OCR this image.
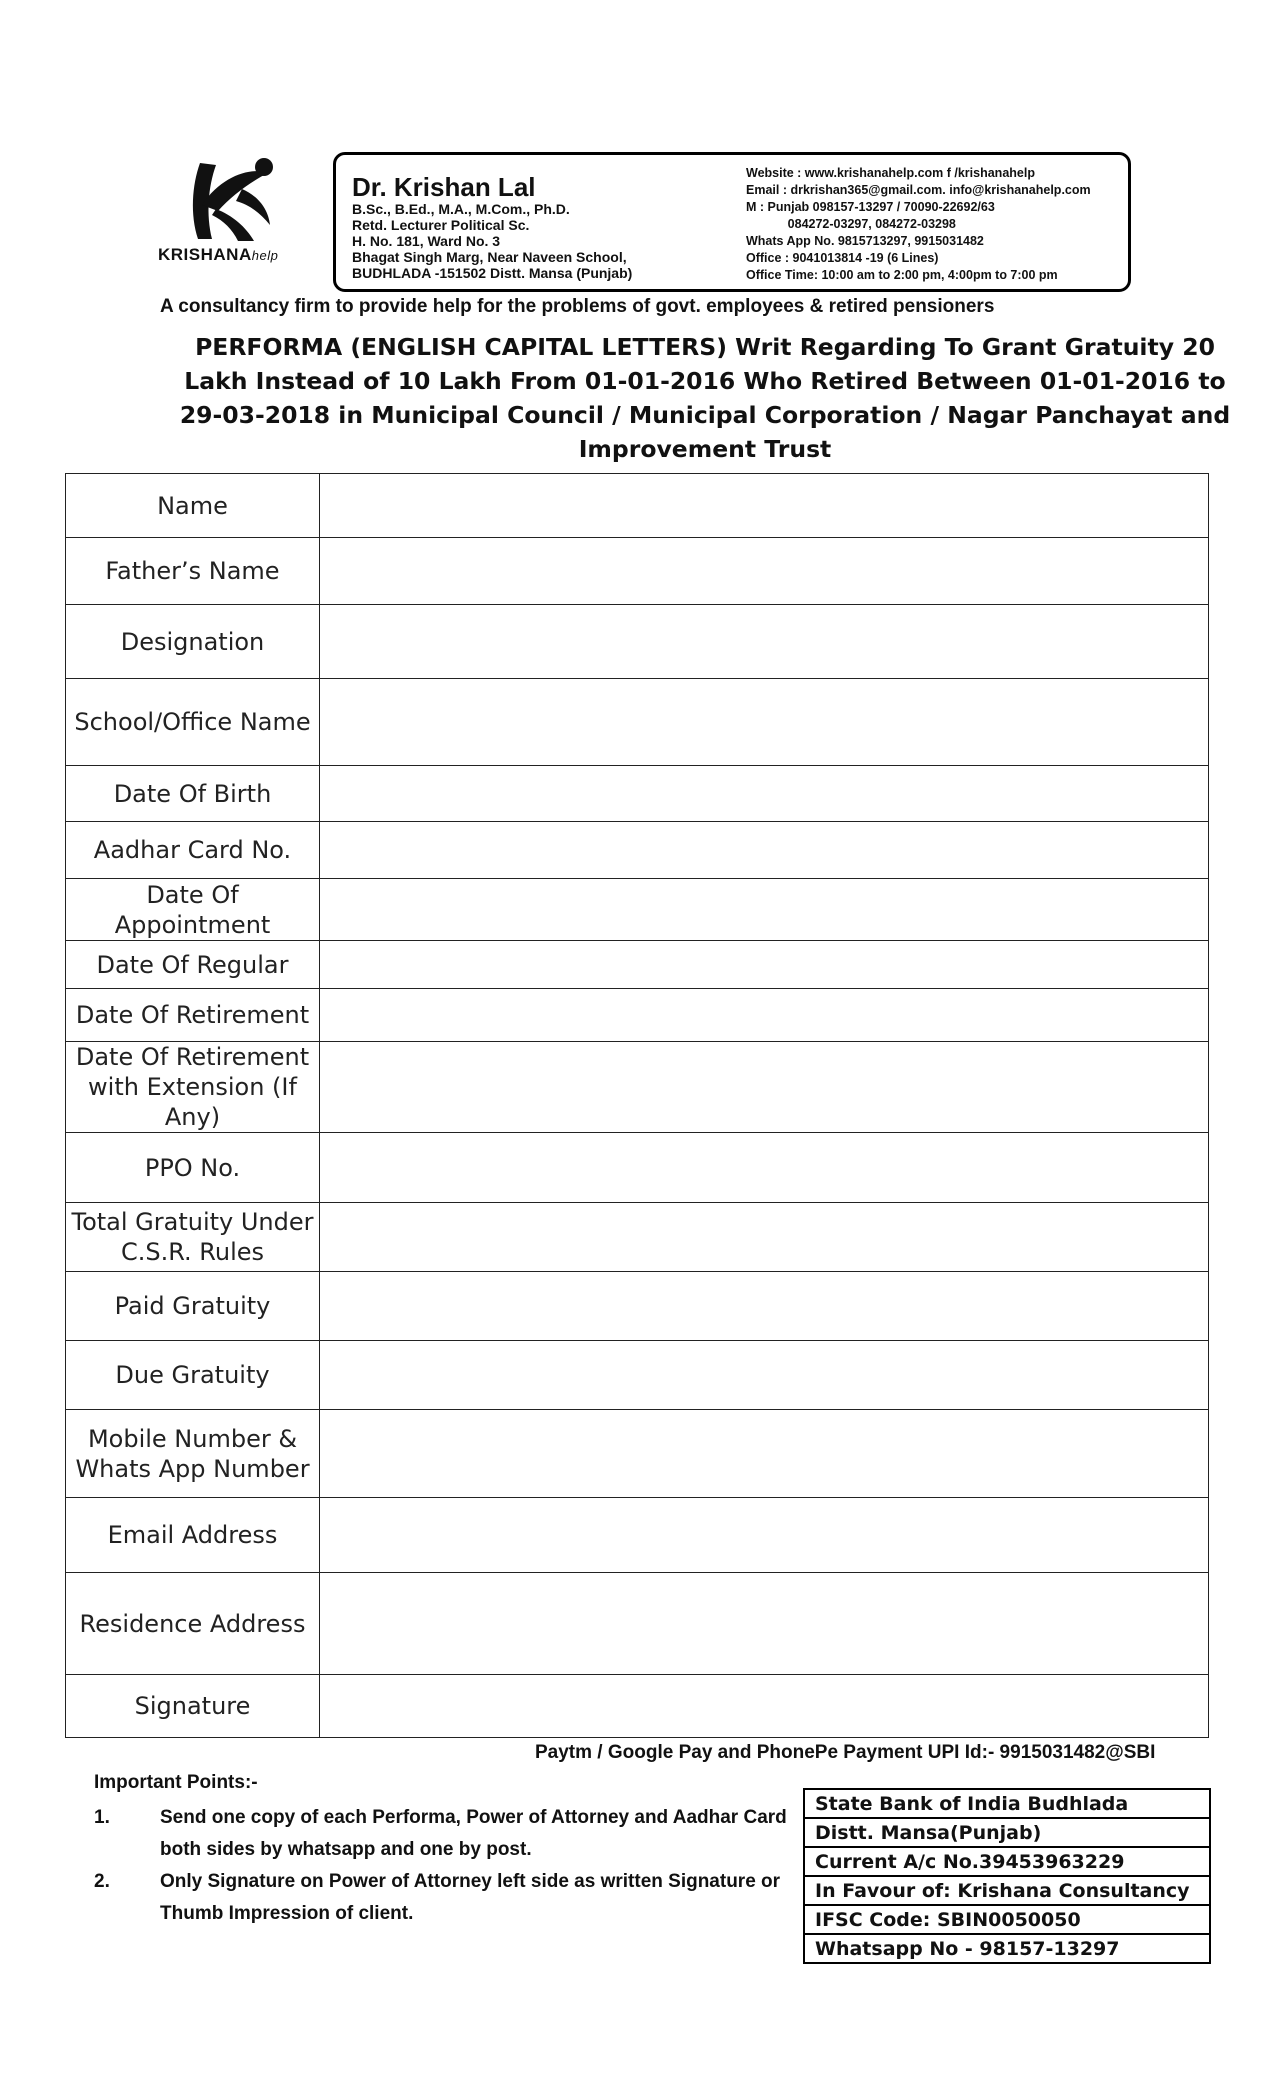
KRISHANAhelp
Dr. Krishan Lal
B.Sc., B.Ed., M.A., M.Com., Ph.D.
Retd. Lecturer Political Sc.
H. No. 181, Ward No. 3
Bhagat Singh Marg, Near Naveen School,
BUDHLADA -151502 Distt. Mansa (Punjab)
Website : www.krishanahelp.com f /krishanahelp
Email : drkrishan365@gmail.com. info@krishanahelp.com
M : Punjab 098157-13297 / 70090-22692/63
084272-03297, 084272-03298
Whats App No. 9815713297, 9915031482
Office : 9041013814 -19 (6 Lines)
Office Time: 10:00 am to 2:00 pm, 4:00pm to 7:00 pm
A consultancy firm to provide help for the problems of govt. employees & retired pensioners
PERFORMA (ENGLISH CAPITAL LETTERS) Writ Regarding To Grant Gratuity 20 Lakh Instead of 10 Lakh From 01-01-2016 Who Retired Between 01-01-2016 to 29-03-2018 in Municipal Council / Municipal Corporation / Nagar Panchayat and Improvement Trust
Name	
Father’s Name	
Designation	
School/Office Name	
Date Of Birth	
Aadhar Card No.	
Date Of Appointment	
Date Of Regular	
Date Of Retirement	
Date Of Retirement with Extension (If Any)	
PPO No.	
Total Gratuity Under C.S.R. Rules	
Paid Gratuity	
Due Gratuity	
Mobile Number & Whats App Number	
Email Address	
Residence Address	
Signature	
Paytm / Google Pay and PhonePe Payment UPI Id:- 9915031482@SBI
Important Points:-
1.	Send one copy of each Performa, Power of Attorney and Aadhar Card both sides by whatsapp and one by post.
2.	Only Signature on Power of Attorney left side as written Signature or Thumb Impression of client.
State Bank of India Budhlada
Distt. Mansa(Punjab)
Current A/c No.39453963229
In Favour of: Krishana Consultancy
IFSC Code: SBIN0050050
Whatsapp No - 98157-13297
